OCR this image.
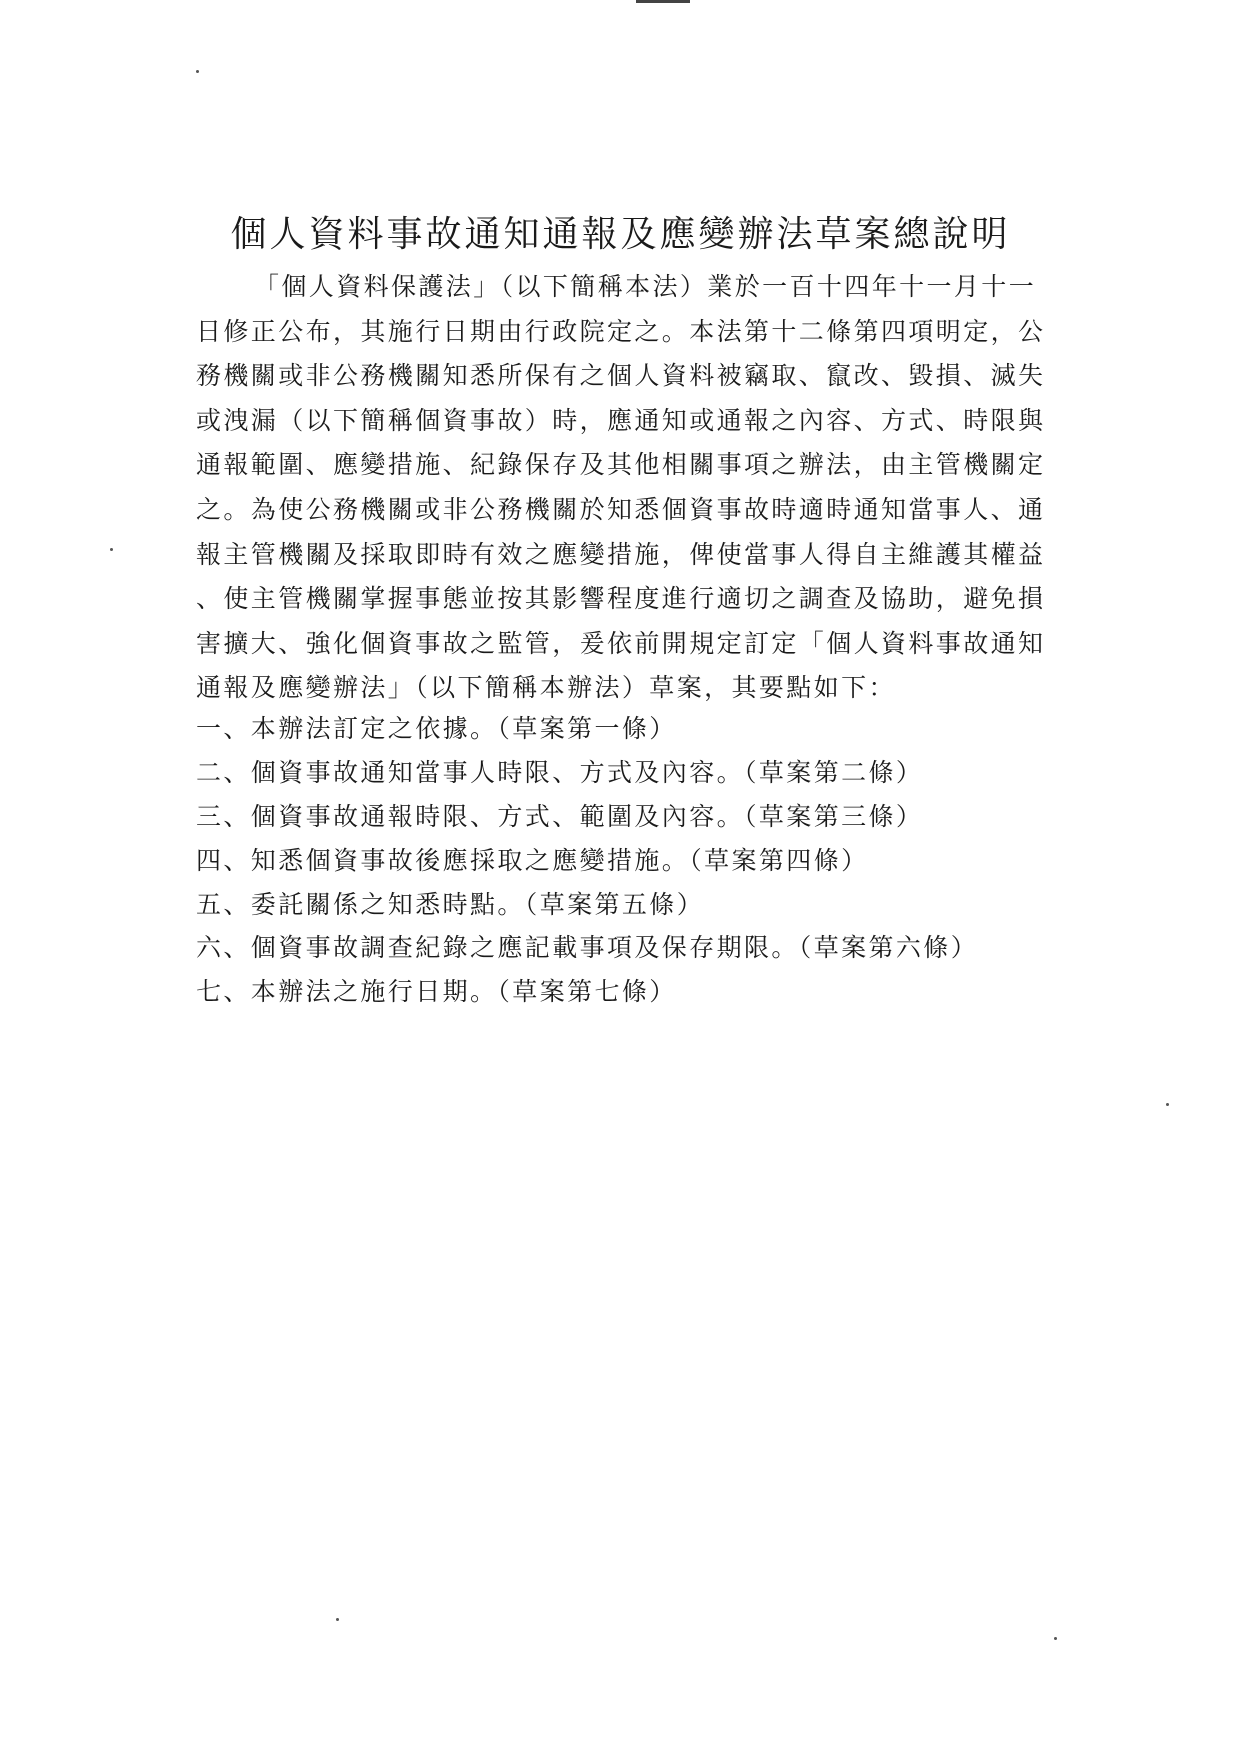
個人資料事故通知通報及應變辦法草案總說明
「個人資料保護法」（以下簡稱本法）業於一百十四年十一月十一
日修正公布，其施行日期由行政院定之。本法第十二條第四項明定，公
務機關或非公務機關知悉所保有之個人資料被竊取、竄改、毀損、滅失
或洩漏（以下簡稱個資事故）時，應通知或通報之內容、方式、時限與
通報範圍、應變措施、紀錄保存及其他相關事項之辦法，由主管機關定
之。為使公務機關或非公務機關於知悉個資事故時適時通知當事人、通
報主管機關及採取即時有效之應變措施，俾使當事人得自主維護其權益
、使主管機關掌握事態並按其影響程度進行適切之調查及協助，避免損
害擴大、強化個資事故之監管，爰依前開規定訂定「個人資料事故通知
通報及應變辦法」（以下簡稱本辦法）草案，其要點如下：
一、本辦法訂定之依據。（草案第一條）
二、個資事故通知當事人時限、方式及內容。（草案第二條）
三、個資事故通報時限、方式、範圍及內容。（草案第三條）
四、知悉個資事故後應採取之應變措施。（草案第四條）
五、委託關係之知悉時點。（草案第五條）
六、個資事故調查紀錄之應記載事項及保存期限。（草案第六條）
七、本辦法之施行日期。（草案第七條）
